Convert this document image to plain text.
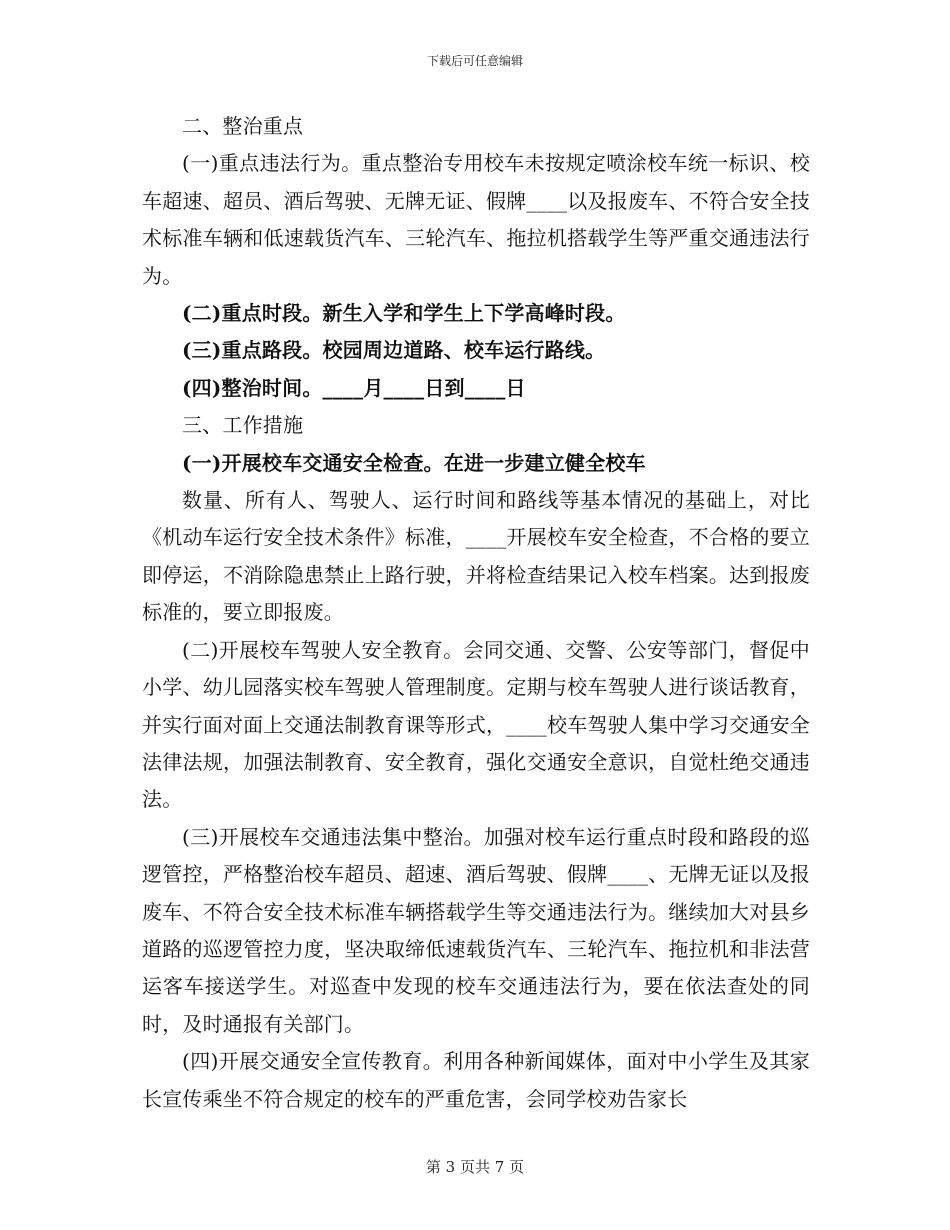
下载后可任意编辑

二、整治重点

(一)重点违法行为。重点整治专用校车未按规定喷涂校车统一标识、校车超速、超员、酒后驾驶、无牌无证、假牌____以及报废车、不符合安全技术标准车辆和低速载货汽车、三轮汽车、拖拉机搭载学生等严重交通违法行为。

(二)重点时段。新生入学和学生上下学高峰时段。

(三)重点路段。校园周边道路、校车运行路线。

(四)整治时间。____月____日到____日

三、工作措施

(一)开展校车交通安全检查。在进一步建立健全校车

数量、所有人、驾驶人、运行时间和路线等基本情况的基础上，对比《机动车运行安全技术条件》标准，____开展校车安全检查，不合格的要立即停运，不消除隐患禁止上路行驶，并将检查结果记入校车档案。达到报废标准的，要立即报废。

(二)开展校车驾驶人安全教育。会同交通、交警、公安等部门，督促中小学、幼儿园落实校车驾驶人管理制度。定期与校车驾驶人进行谈话教育，并实行面对面上交通法制教育课等形式，____校车驾驶人集中学习交通安全法律法规，加强法制教育、安全教育，强化交通安全意识，自觉杜绝交通违法。

(三)开展校车交通违法集中整治。加强对校车运行重点时段和路段的巡逻管控，严格整治校车超员、超速、酒后驾驶、假牌____、无牌无证以及报废车、不符合安全技术标准车辆搭载学生等交通违法行为。继续加大对县乡道路的巡逻管控力度，坚决取缔低速载货汽车、三轮汽车、拖拉机和非法营运客车接送学生。对巡查中发现的校车交通违法行为，要在依法查处的同时，及时通报有关部门。

(四)开展交通安全宣传教育。利用各种新闻媒体，面对中小学生及其家长宣传乘坐不符合规定的校车的严重危害，会同学校劝告家长

第 3 页共 7 页
